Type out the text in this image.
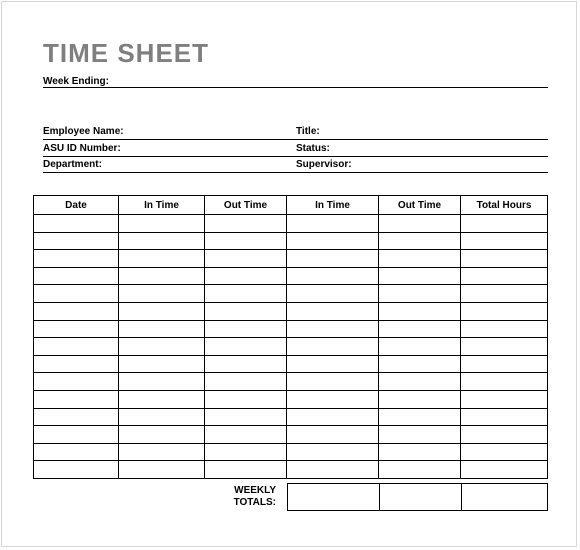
TIME SHEET
Week Ending:
Employee Name:	Title:
ASU ID Number:	Status:
Department:	Supervisor:
Date	In Time	Out Time	In Time	Out Time	Total Hours

WEEKLY
TOTALS:
